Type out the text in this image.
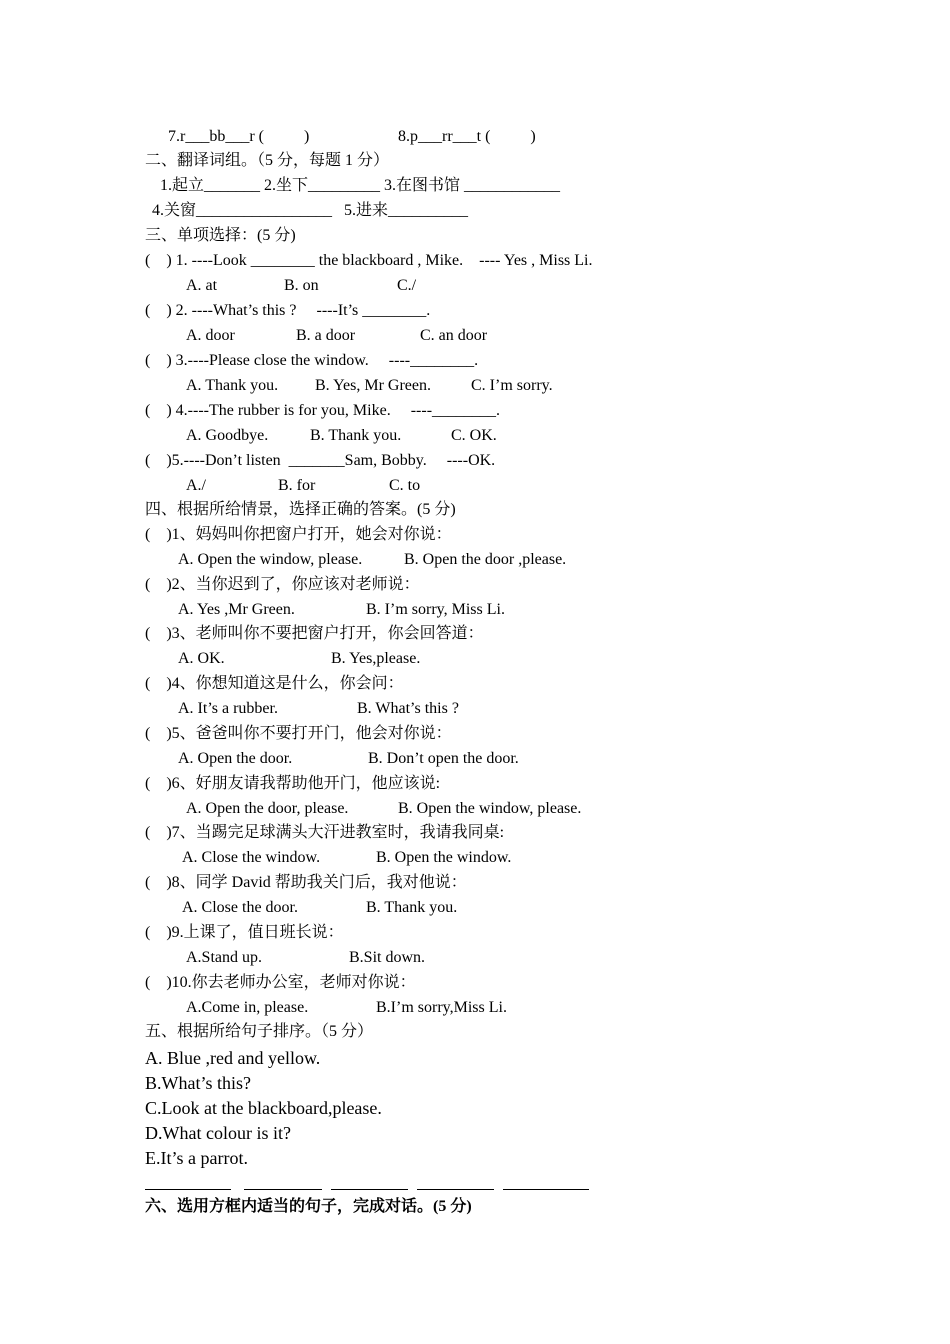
7.r___bb___r (          )	8.p___rr___t (          )
二、翻译词组。（5 分，每题 1 分）
1.起立_______ 2.坐下_________ 3.在图书馆 ____________
4.关窗_________________   5.进来__________
三、单项选择：(5 分)
(    ) 1. ----Look ________ the blackboard , Mike.    ---- Yes , Miss Li.
A. at	B. on	C./
(    ) 2. ----What’s this ?     ----It’s ________.
A. door	B. a door	C. an door
(    ) 3.----Please close the window.     ----________.
A. Thank you. B. Yes, Mr Green.	C. I’m sorry.
(    ) 4.----The rubber is for you, Mike.     ----________.
A. Goodbye.	B. Thank you.	C. OK.
(    )5.----Don’t listen  _______Sam, Bobby.     ----OK.
A./	B. for	C. to
四、根据所给情景，选择正确的答案。(5 分)
(    )1、妈妈叫你把窗户打开，她会对你说：
A. Open the window, please.	B. Open the door ,please.
(    )2、当你迟到了，你应该对老师说：
A. Yes ,Mr Green.	B. I’m sorry, Miss Li.
(    )3、老师叫你不要把窗户打开，你会回答道：
A. OK.	B. Yes,please.
(    )4、你想知道这是什么，你会问：
A. It’s a rubber.	B. What’s this ?
(    )5、爸爸叫你不要打开门，他会对你说：
A. Open the door.	B. Don’t open the door.
(    )6、好朋友请我帮助他开门，他应该说:
A. Open the door, please.	B. Open the window, please.
(    )7、当踢完足球满头大汗进教室时，我请我同桌:
A. Close the window.	B. Open the window.
(    )8、同学 David 帮助我关门后，我对他说：
A. Close the door.	B. Thank you.
(    )9.上课了，值日班长说：
A.Stand up.	B.Sit down.
(    )10.你去老师办公室，老师对你说：
A.Come in, please.	B.I’m sorry,Miss Li.
五、根据所给句子排序。（5 分）
A. Blue ,red and yellow.
B.What’s this?
C.Look at the blackboard,please.
D.What colour is it?
E.It’s a parrot.
六、选用方框内适当的句子，完成对话。(5 分)
